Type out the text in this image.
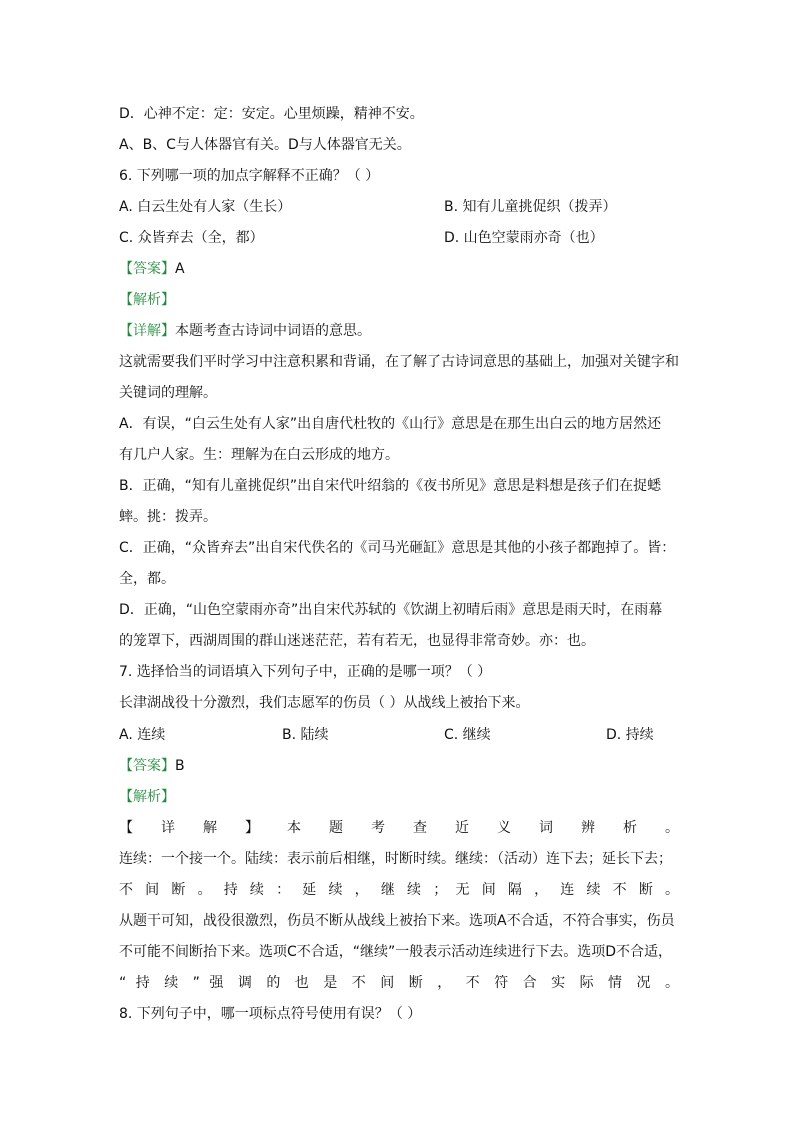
D．心神不定：定：安定。心里烦躁，精神不安。
A、B、C与人体器官有关。D与人体器官无关。
6. 下列哪一项的加点字解释不正确？（ ）
A. 白云生处有人家（生长）	B. 知有儿童挑促织（拨弄）
C. 众皆弃去（全，都）	D. 山色空蒙雨亦奇（也）
【答案】A
【解析】
【详解】本题考查古诗词中词语的意思。
这就需要我们平时学习中注意积累和背诵，在了解了古诗词意思的基础上，加强对关键字和
关键词的理解。
A．有误，“白云生处有人家”出自唐代杜牧的《山行》意思是在那生出白云的地方居然还
有几户人家。生：理解为在白云形成的地方。
B．正确，“知有儿童挑促织”出自宋代叶绍翁的《夜书所见》意思是料想是孩子们在捉蟋
蟀。挑：拨弄。
C．正确，“众皆弃去”出自宋代佚名的《司马光砸缸》意思是其他的小孩子都跑掉了。皆：
全，都。
D．正确，“山色空蒙雨亦奇”出自宋代苏轼的《饮湖上初晴后雨》意思是雨天时，在雨幕
的笼罩下，西湖周围的群山迷迷茫茫，若有若无，也显得非常奇妙。亦：也。
7. 选择恰当的词语填入下列句子中，正确的是哪一项？（ ）
长津湖战役十分激烈，我们志愿军的伤员（ ）从战线上被抬下来。
A. 连续	B. 陆续	C. 继续	D. 持续
【答案】B
【解析】
【 详 解 】 本 题 考 查 近 义 词 辨 析 。
连续：一个接一个。陆续：表示前后相继，时断时续。继续：（活动）连下去；延长下去；
不 间 断 。 持 续 ： 延 续 ， 继 续 ； 无 间 隔 ， 连 续 不 断 。
从题干可知，战役很激烈，伤员不断从战线上被抬下来。选项A不合适，不符合事实，伤员
不可能不间断抬下来。选项C不合适，“继续”一般表示活动连续进行下去。选项D不合适，
“ 持 续 ” 强 调 的 也 是 不 间 断 ， 不 符 合 实 际 情 况 。
8. 下列句子中，哪一项标点符号使用有误？（ ）
